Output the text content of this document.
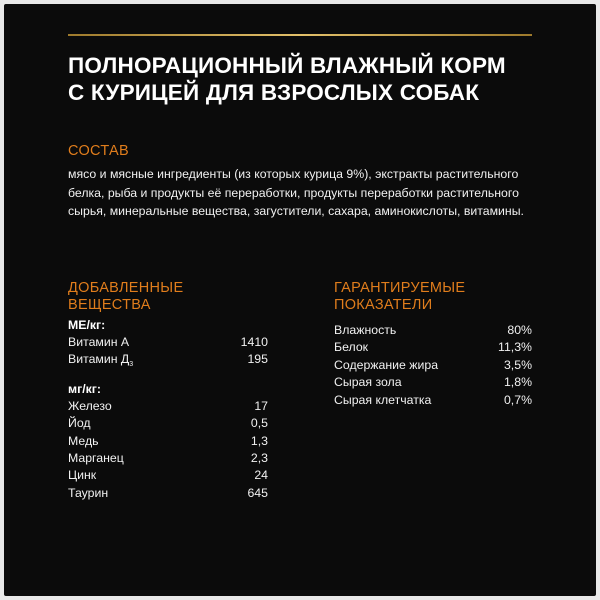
ПОЛНОРАЦИОННЫЙ ВЛАЖНЫЙ КОРМ
С КУРИЦЕЙ ДЛЯ ВЗРОСЛЫХ СОБАК
СОСТАВ
мясо и мясные ингредиенты (из которых курица 9%), экстракты растительного белка, рыба и продукты её переработки, продукты переработки растительного сырья, минеральные вещества, загустители, сахара, аминокислоты, витамины.
ДОБАВЛЕННЫЕ
ВЕЩЕСТВА
МЕ/кг:
Витамин А	1410
Витамин $Д_3$	195
мг/кг:
Железо	17
Йод	0,5
Медь	1,3
Марганец	2,3
Цинк	24
Таурин	645
ГАРАНТИРУЕМЫЕ
ПОКАЗАТЕЛИ
Влажность	80%
Белок	11,3%
Содержание жира	3,5%
Сырая зола	1,8%
Сырая клетчатка	0,7%
